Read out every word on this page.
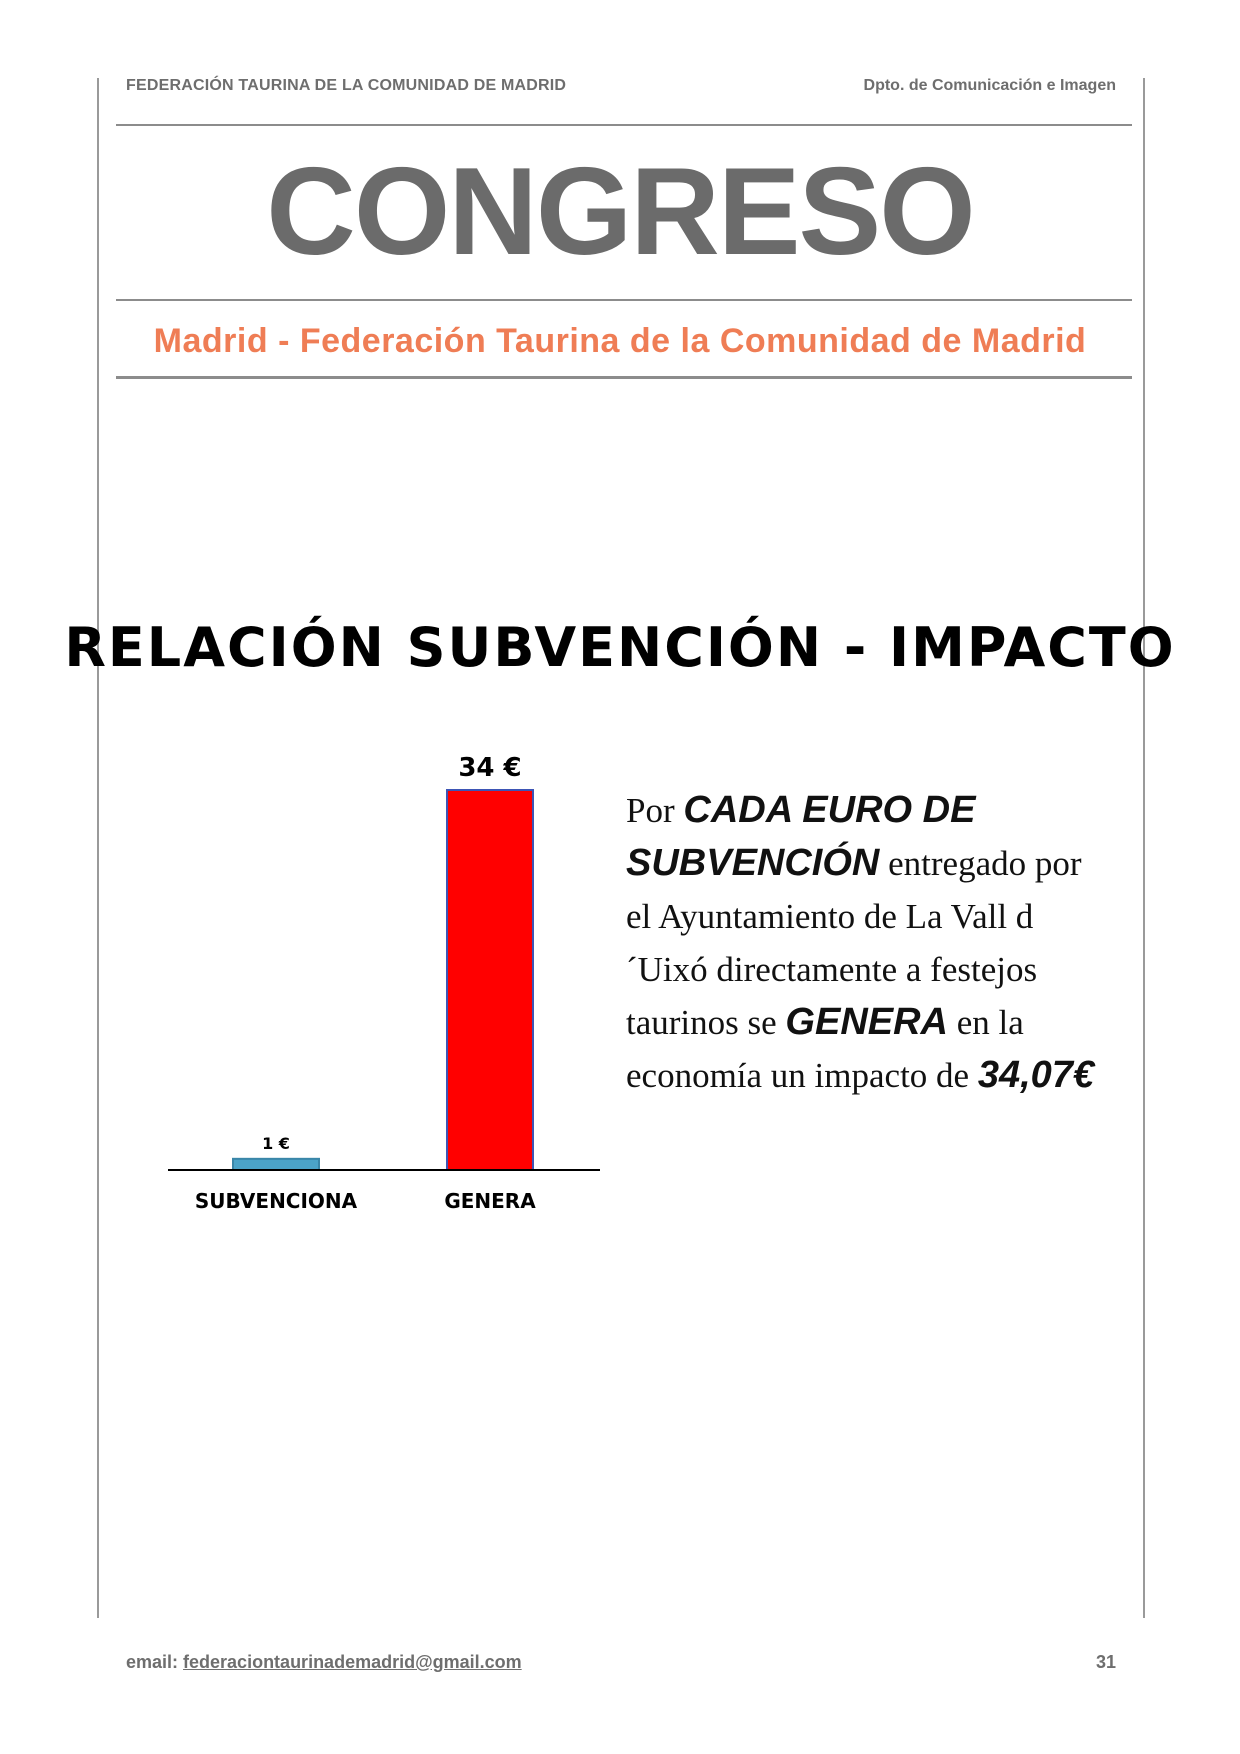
FEDERACIÓN TAURINA DE LA COMUNIDAD DE MADRID	Dpto. de Comunicación e Imagen
CONGRESO
Madrid - Federación Taurina de la Comunidad de Madrid
RELACIÓN SUBVENCIÓN - IMPACTO
1 €
SUBVENCIONA
34 €
GENERA
Por CADA EURO DE SUBVENCIÓN entregado por el Ayuntamiento de La Vall d´Uixó directamente a festejos taurinos se GENERA en la economía un impacto de 34,07€
email: federaciontaurinademadrid@gmail.com	31
